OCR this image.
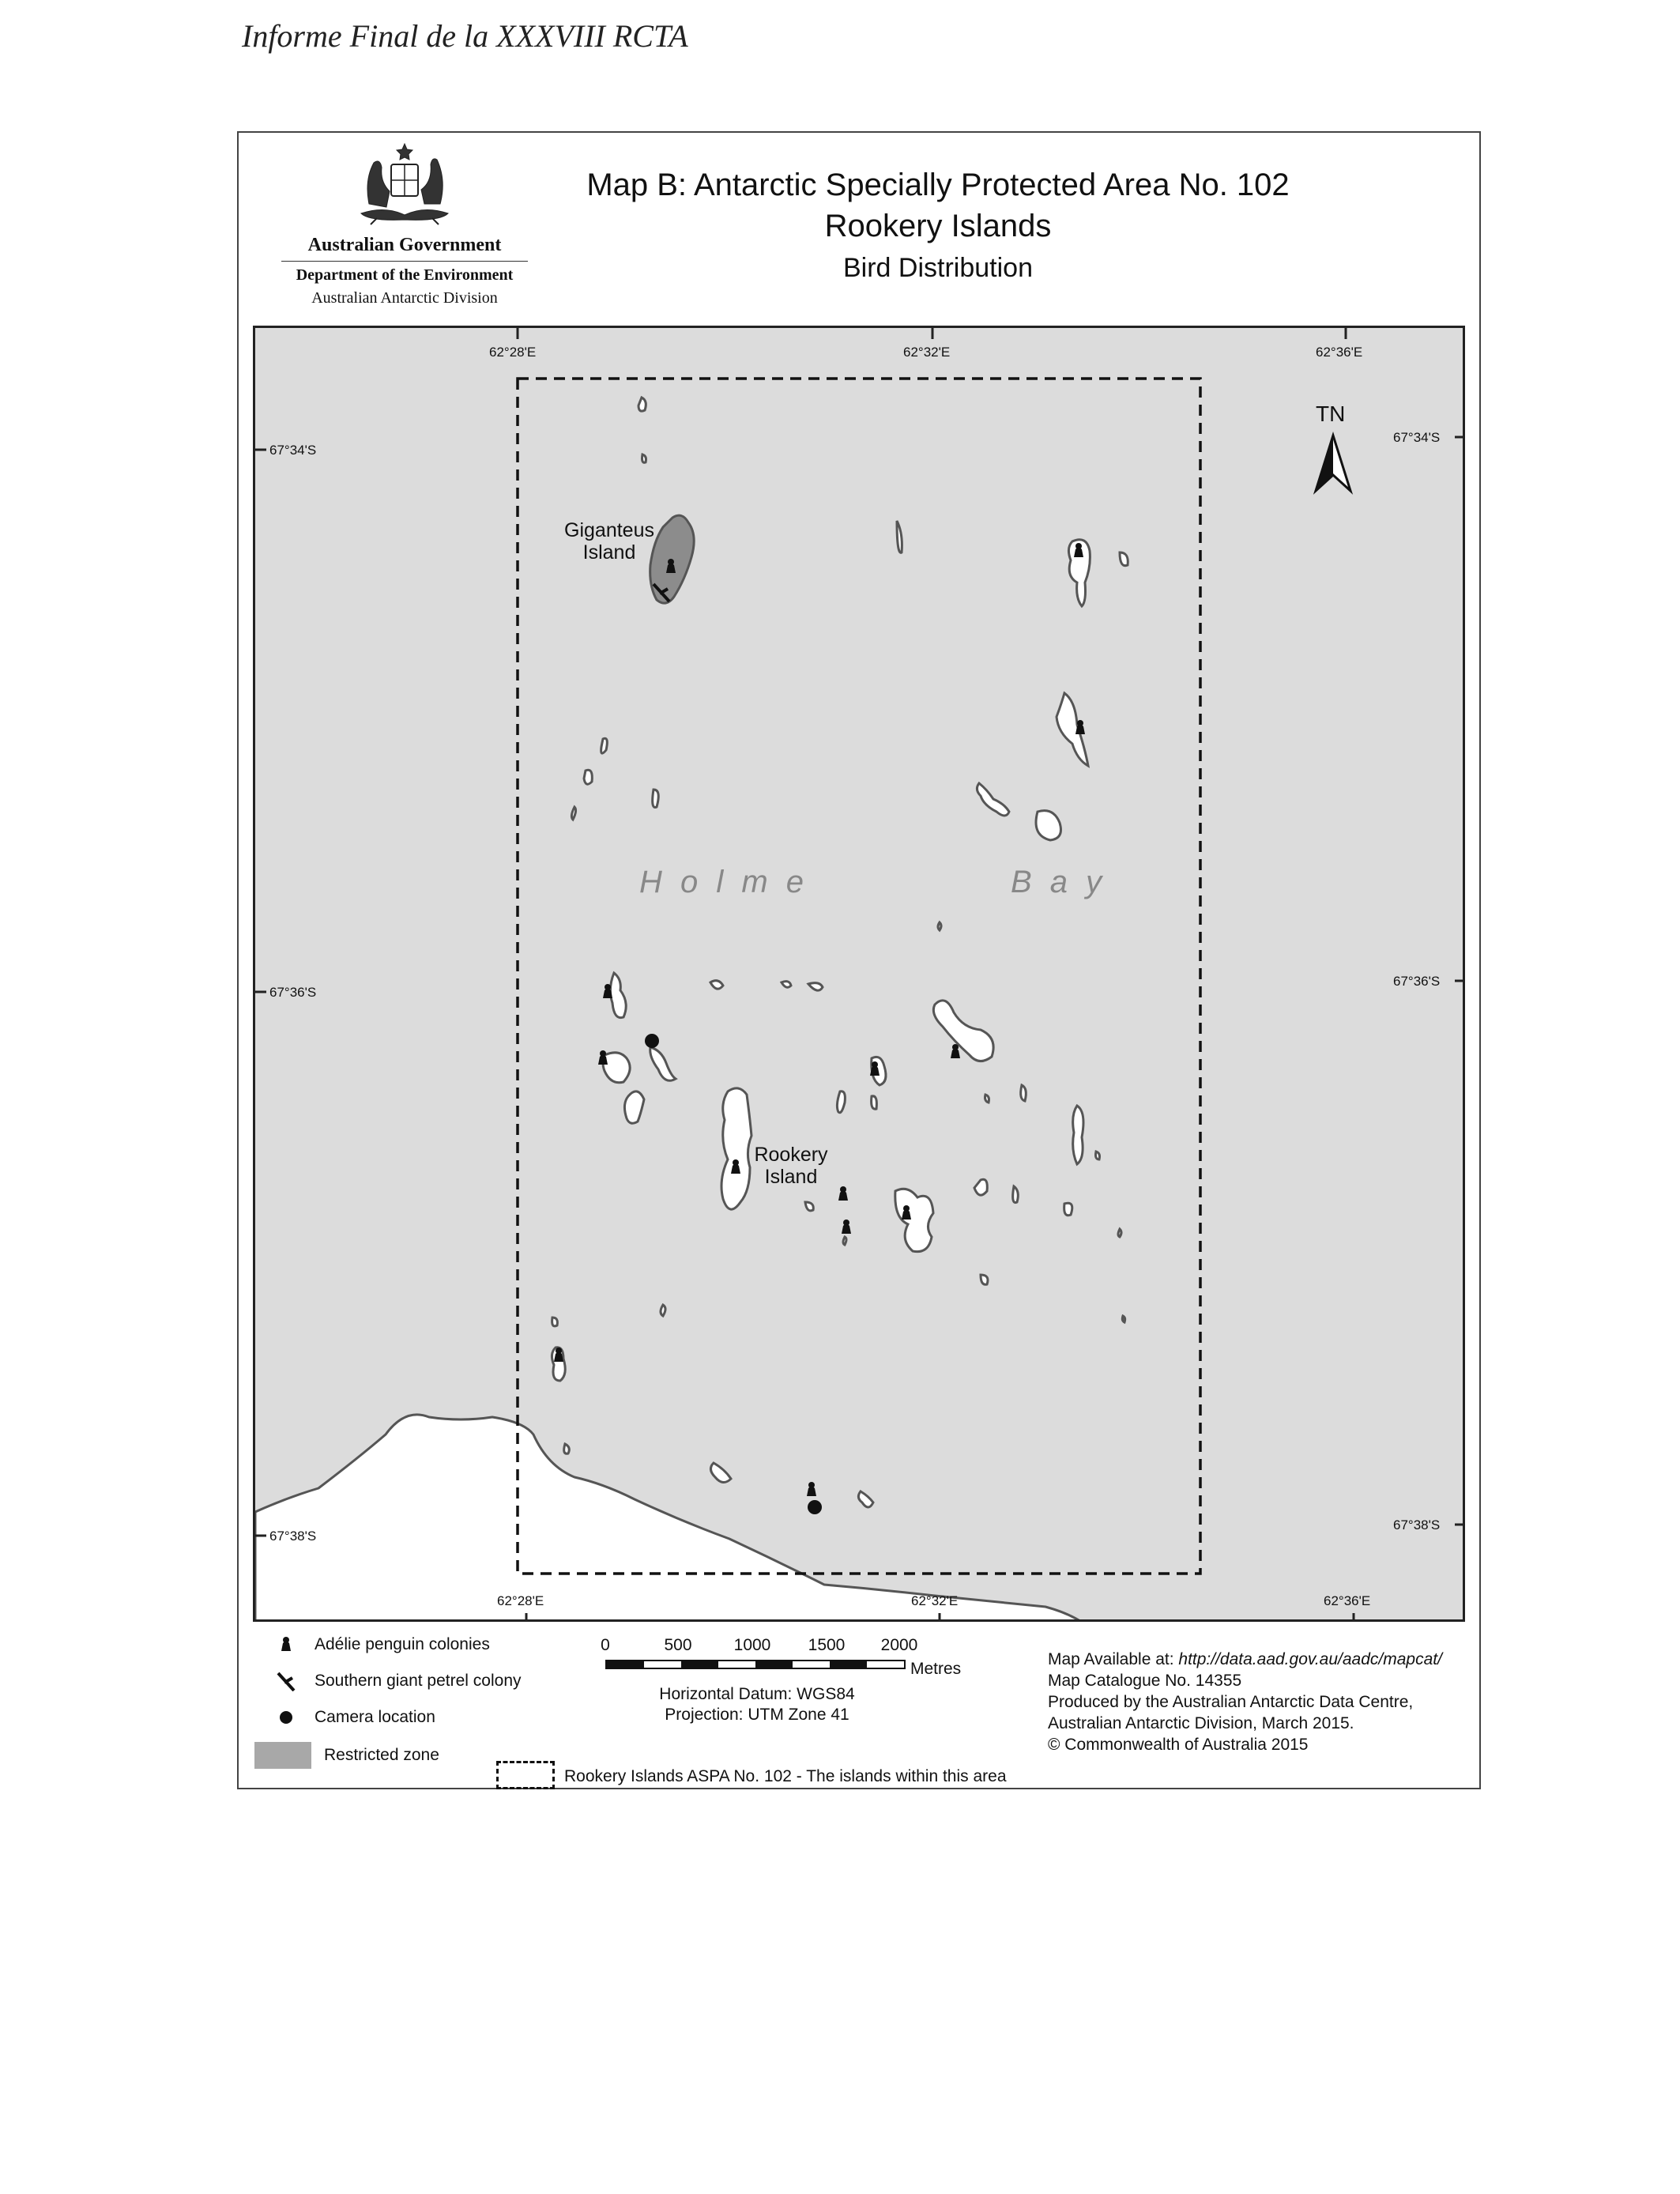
Informe Final de la XXXVIII RCTA
Australian Government
Department of the Environment
Australian Antarctic Division
Map B: Antarctic Specially Protected Area No. 102
Rookery Islands
Bird Distribution
62°28'E	62°32'E	62°36'E
62°28'E	62°32'E	62°36'E
67°34'S
67°36'S
67°38'S
67°34'S
67°36'S
67°38'S
TN
H o l m e	B a y
Giganteus
Island
Rookery
Island
Adélie penguin colonies
Southern giant petrel colony
Camera location
Restricted zone
Rookery Islands ASPA No. 102 - The islands within this area
0	500	1000 1500 2000
Metres
Horizontal Datum: WGS84
Projection: UTM Zone 41
Map Available at: http://data.aad.gov.au/aadc/mapcat/
Map Catalogue No. 14355
Produced by the Australian Antarctic Data Centre,
Australian Antarctic Division, March 2015.
© Commonwealth of Australia 2015
